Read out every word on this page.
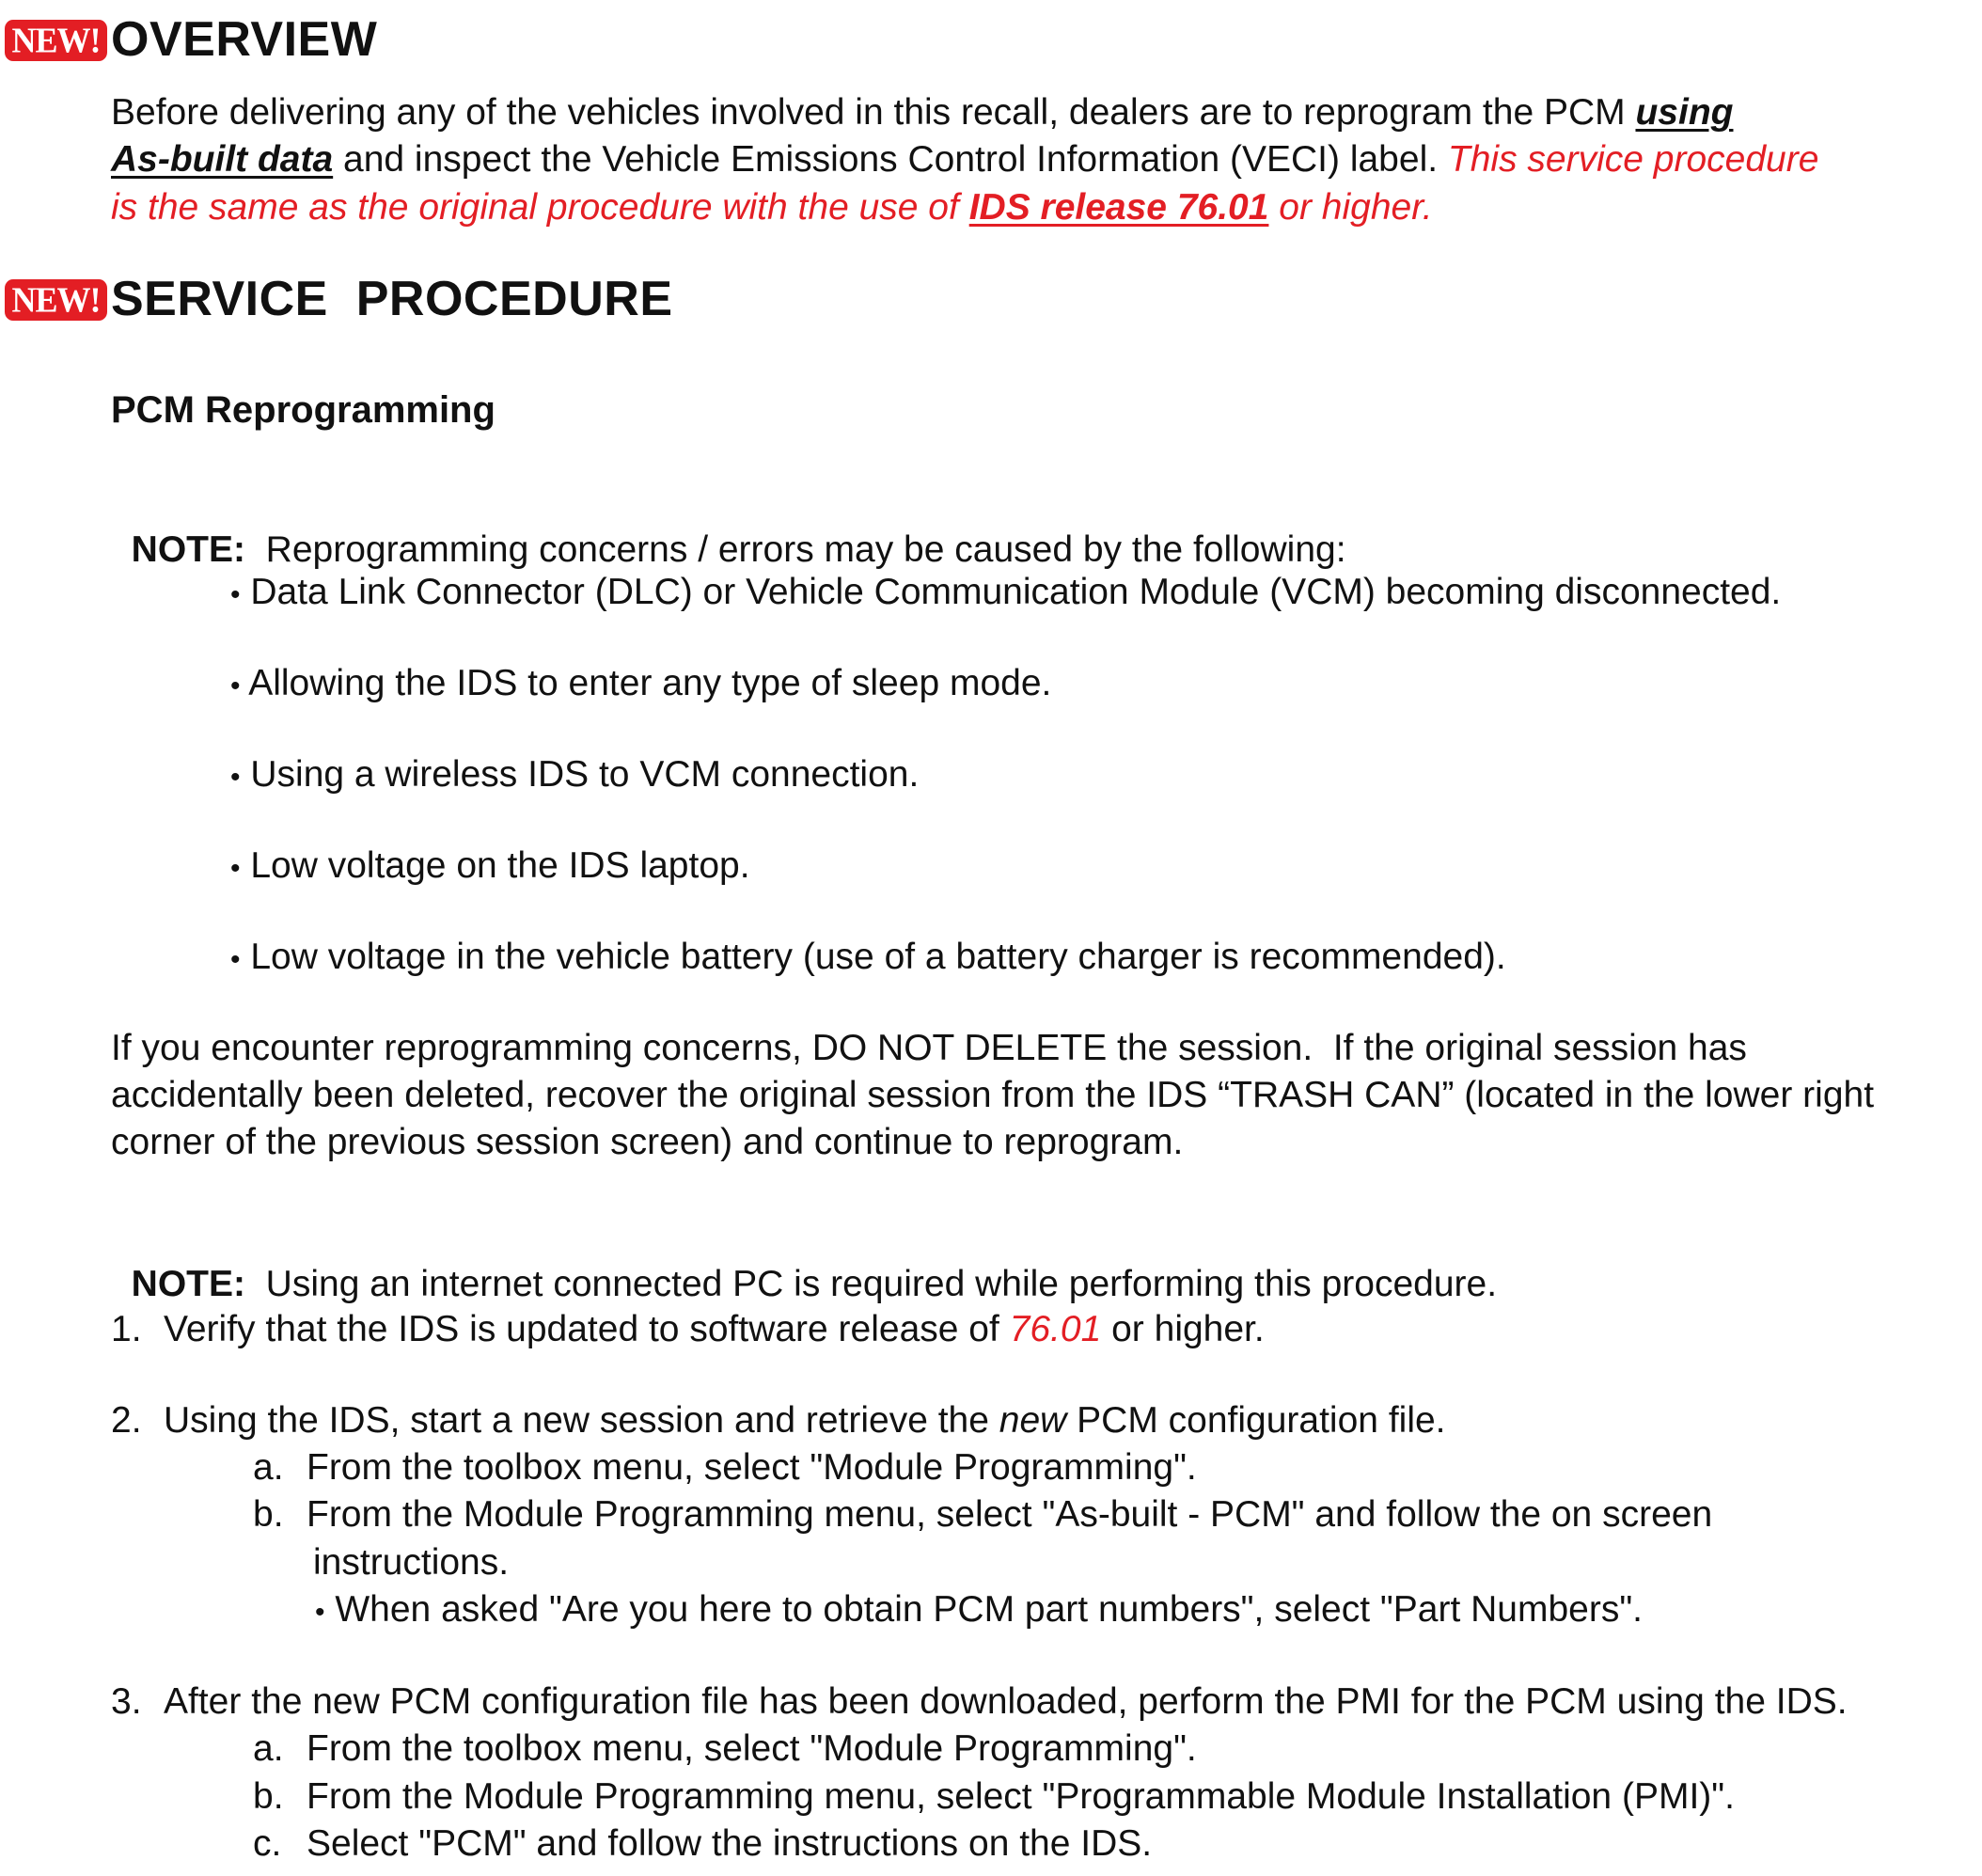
NEW! OVERVIEW
Before delivering any of the vehicles involved in this recall, dealers are to reprogram the PCM using
As-built data and inspect the Vehicle Emissions Control Information (VECI) label. This service procedure
is the same as the original procedure with the use of IDS release 76.01 or higher.
NEW! SERVICE  PROCEDURE
PCM Reprogramming

NOTE:  Reprogramming concerns / errors may be caused by the following:

• Data Link Connector (DLC) or Vehicle Communication Module (VCM) becoming disconnected.
• Allowing the IDS to enter any type of sleep mode.
• Using a wireless IDS to VCM connection.
• Low voltage on the IDS laptop.
• Low voltage in the vehicle battery (use of a battery charger is recommended).
If you encounter reprogramming concerns, DO NOT DELETE the session.  If the original session has
accidentally been deleted, recover the original session from the IDS “TRASH CAN” (located in the lower right
corner of the previous session screen) and continue to reprogram.

NOTE:  Using an internet connected PC is required while performing this procedure.

1. Verify that the IDS is updated to software release of 76.01 or higher.
2. Using the IDS, start a new session and retrieve the new PCM configuration file.
a. From the toolbox menu, select "Module Programming".
b. From the Module Programming menu, select "As-built - PCM" and follow the on screen
instructions.
• When asked "Are you here to obtain PCM part numbers", select "Part Numbers".
3. After the new PCM configuration file has been downloaded, perform the PMI for the PCM using the IDS.
a. From the toolbox menu, select "Module Programming".
b. From the Module Programming menu, select "Programmable Module Installation (PMI)".
c. Select "PCM" and follow the instructions on the IDS.
